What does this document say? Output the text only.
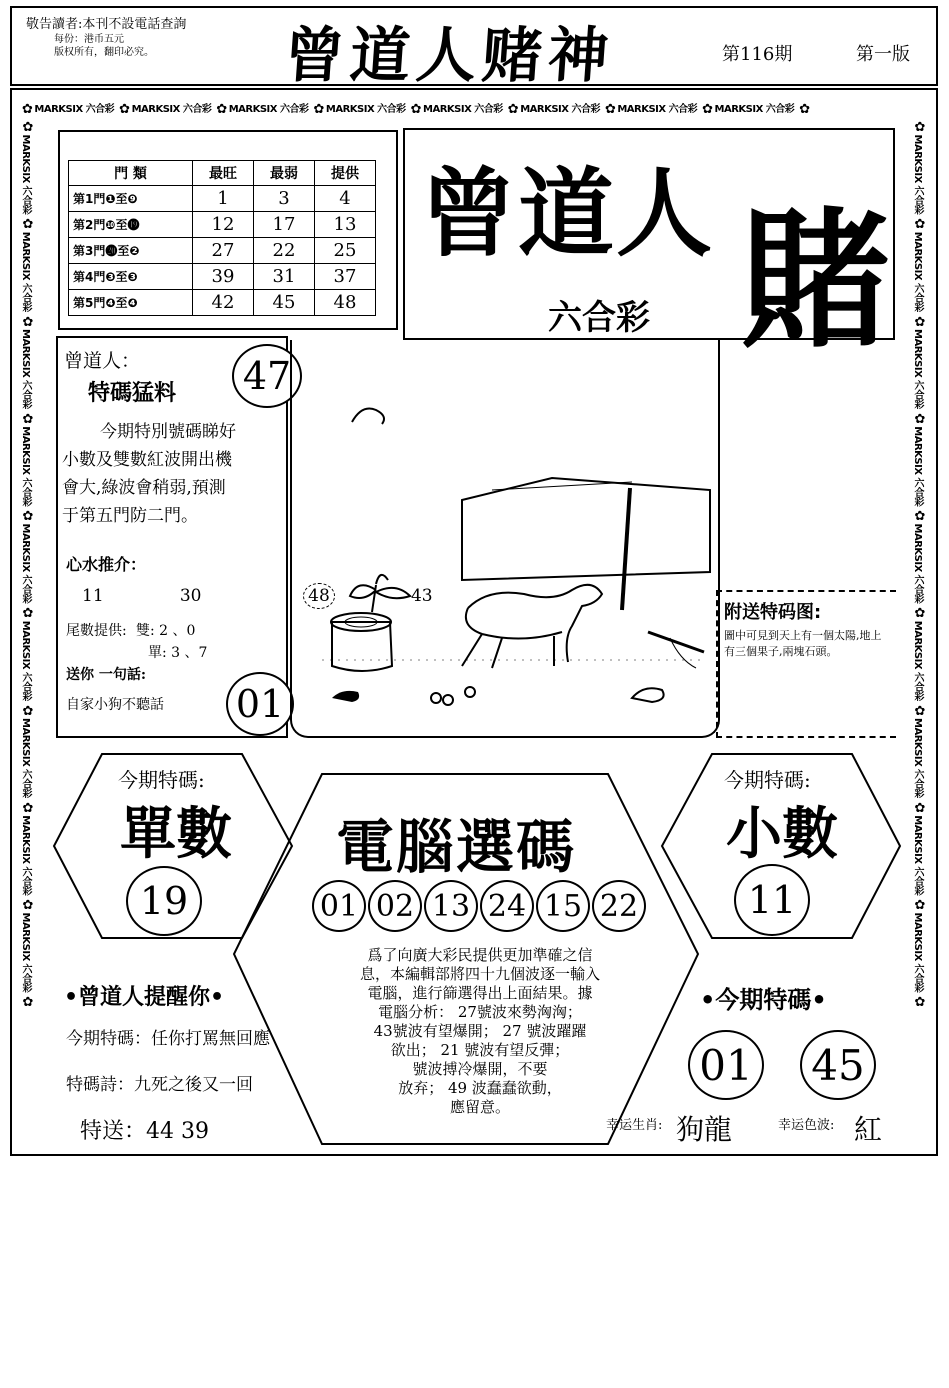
敬告讀者:本刊不設電話查詢
每份：港币五元
版权所有，翻印必究。	曾道人赌神	第116期	第一版
✿ MARKSIX 六合彩 ✿ MARKSIX 六合彩 ✿ MARKSIX 六合彩 ✿ MARKSIX 六合彩 ✿ MARKSIX 六合彩 ✿ MARKSIX 六合彩 ✿ MARKSIX 六合彩 ✿ MARKSIX 六合彩 ✿
✿MARKSIX 六合彩 ✿MARKSIX 六合彩 ✿MARKSIX 六合彩 ✿MARKSIX 六合彩 ✿MARKSIX 六合彩 ✿MARKSIX 六合彩 ✿MARKSIX 六合彩 ✿MARKSIX 六合彩 ✿MARKSIX 六合彩 ✿
✿MARKSIX 六合彩 ✿MARKSIX 六合彩 ✿MARKSIX 六合彩 ✿MARKSIX 六合彩 ✿MARKSIX 六合彩 ✿MARKSIX 六合彩 ✿MARKSIX 六合彩 ✿MARKSIX 六合彩 ✿MARKSIX 六合彩 ✿
門 類	最旺	最弱	提供
第1門❶至❾	1	3	4
第2門❿至⓳	12	17	13
第3門⓴至❷	27	22	25
第4門❸至❸	39	31	37
第5門❹至❹	42	45	48
曾道人 賭
六合彩
曾道人：
特碼猛料 47
今期特別號碼睇好
小數及雙數紅波開出機
會大,綠波會稍弱,預測
于第五門防二門。
心水推介：
11	30	48	43
尾數提供: 雙: 2 、0
單: 3 、7
送你 一句話:
自家小狗不聽話 01
附送特码图:
圖中可見到天上有一個太陽,地上有三個果子,兩塊石頭。
今期特碼:
單數
19
今期特碼:
小數
11
電腦選碼
01 02 13 24 15 22
爲了向廣大彩民提供更加準確之信
息，本編輯部將四十九個波逐一輸入
電腦，進行篩選得出上面結果。據
電腦分析： 27號波來勢洶洶；
43號波有望爆開； 27 號波躍躍
欲出； 21 號波有望反彈；
號波搏冷爆開，不要
放弃； 49 波蠢蠢欲動，
應留意。
•曾道人提醒你•
今期特碼：任你打罵無回應
特碼詩：九死之後又一回
特送：44 39
•今期特碼•
01 45
幸运生肖: 狗龍	幸运色波: 紅
